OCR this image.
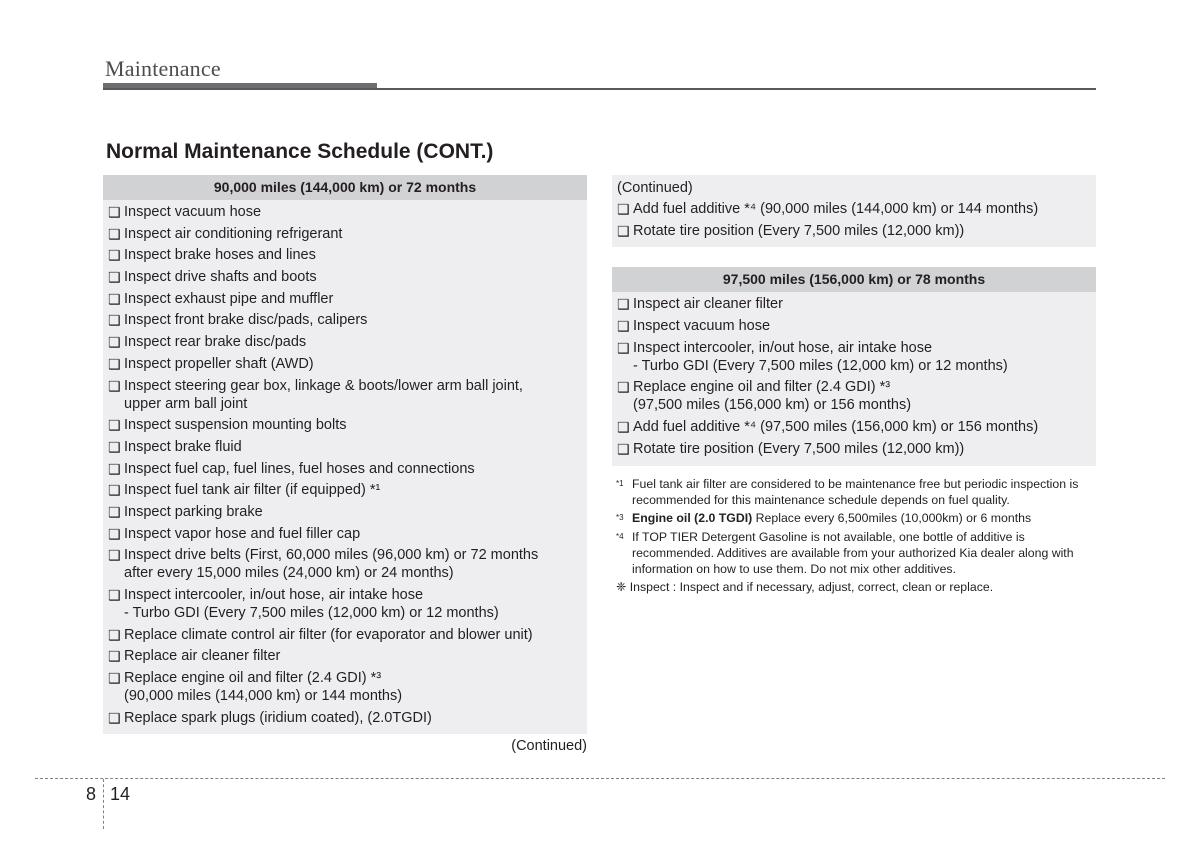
Maintenance
Normal Maintenance Schedule (CONT.)
90,000 miles (144,000 km) or 72 months
❑ Inspect vacuum hose
❑ Inspect air conditioning refrigerant
❑ Inspect brake hoses and lines
❑ Inspect drive shafts and boots
❑ Inspect exhaust pipe and muffler
❑ Inspect front brake disc/pads, calipers
❑ Inspect rear brake disc/pads
❑ Inspect propeller shaft (AWD)
❑ Inspect steering gear box, linkage & boots/lower arm ball joint,
upper arm ball joint
❑ Inspect suspension mounting bolts
❑ Inspect brake fluid
❑ Inspect fuel cap, fuel lines, fuel hoses and connections
❑ Inspect fuel tank air filter (if equipped) *¹
❑ Inspect parking brake
❑ Inspect vapor hose and fuel filler cap
❑ Inspect drive belts (First, 60,000 miles (96,000 km) or 72 months
after every 15,000 miles (24,000 km) or 24 months)
❑ Inspect intercooler, in/out hose, air intake hose
- Turbo GDI (Every 7,500 miles (12,000 km) or 12 months)
❑ Replace climate control air filter (for evaporator and blower unit)
❑ Replace air cleaner filter
❑ Replace engine oil and filter (2.4 GDI) *³
(90,000 miles (144,000 km) or 144 months)
❑ Replace spark plugs (iridium coated), (2.0TGDI)
(Continued)
(Continued)
❑ Add fuel additive *⁴ (90,000 miles (144,000 km) or 144 months)
❑ Rotate tire position (Every 7,500 miles (12,000 km))
97,500 miles (156,000 km) or 78 months
❑ Inspect air cleaner filter
❑ Inspect vacuum hose
❑ Inspect intercooler, in/out hose, air intake hose
- Turbo GDI (Every 7,500 miles (12,000 km) or 12 months)
❑ Replace engine oil and filter (2.4 GDI) *³
(97,500 miles (156,000 km) or 156 months)
❑ Add fuel additive *⁴ (97,500 miles (156,000 km) or 156 months)
❑ Rotate tire position (Every 7,500 miles (12,000 km))
*1 Fuel tank air filter are considered to be maintenance free but periodic inspection is recommended for this maintenance schedule depends on fuel quality.
*3 Engine oil (2.0 TGDI) Replace every 6,500miles (10,000km) or 6 months
*4 If TOP TIER Detergent Gasoline is not available, one bottle of additive is recommended. Additives are available from your authorized Kia dealer along with information on how to use them. Do not mix other additives.
❈ Inspect : Inspect and if necessary, adjust, correct, clean or replace.
8 14
